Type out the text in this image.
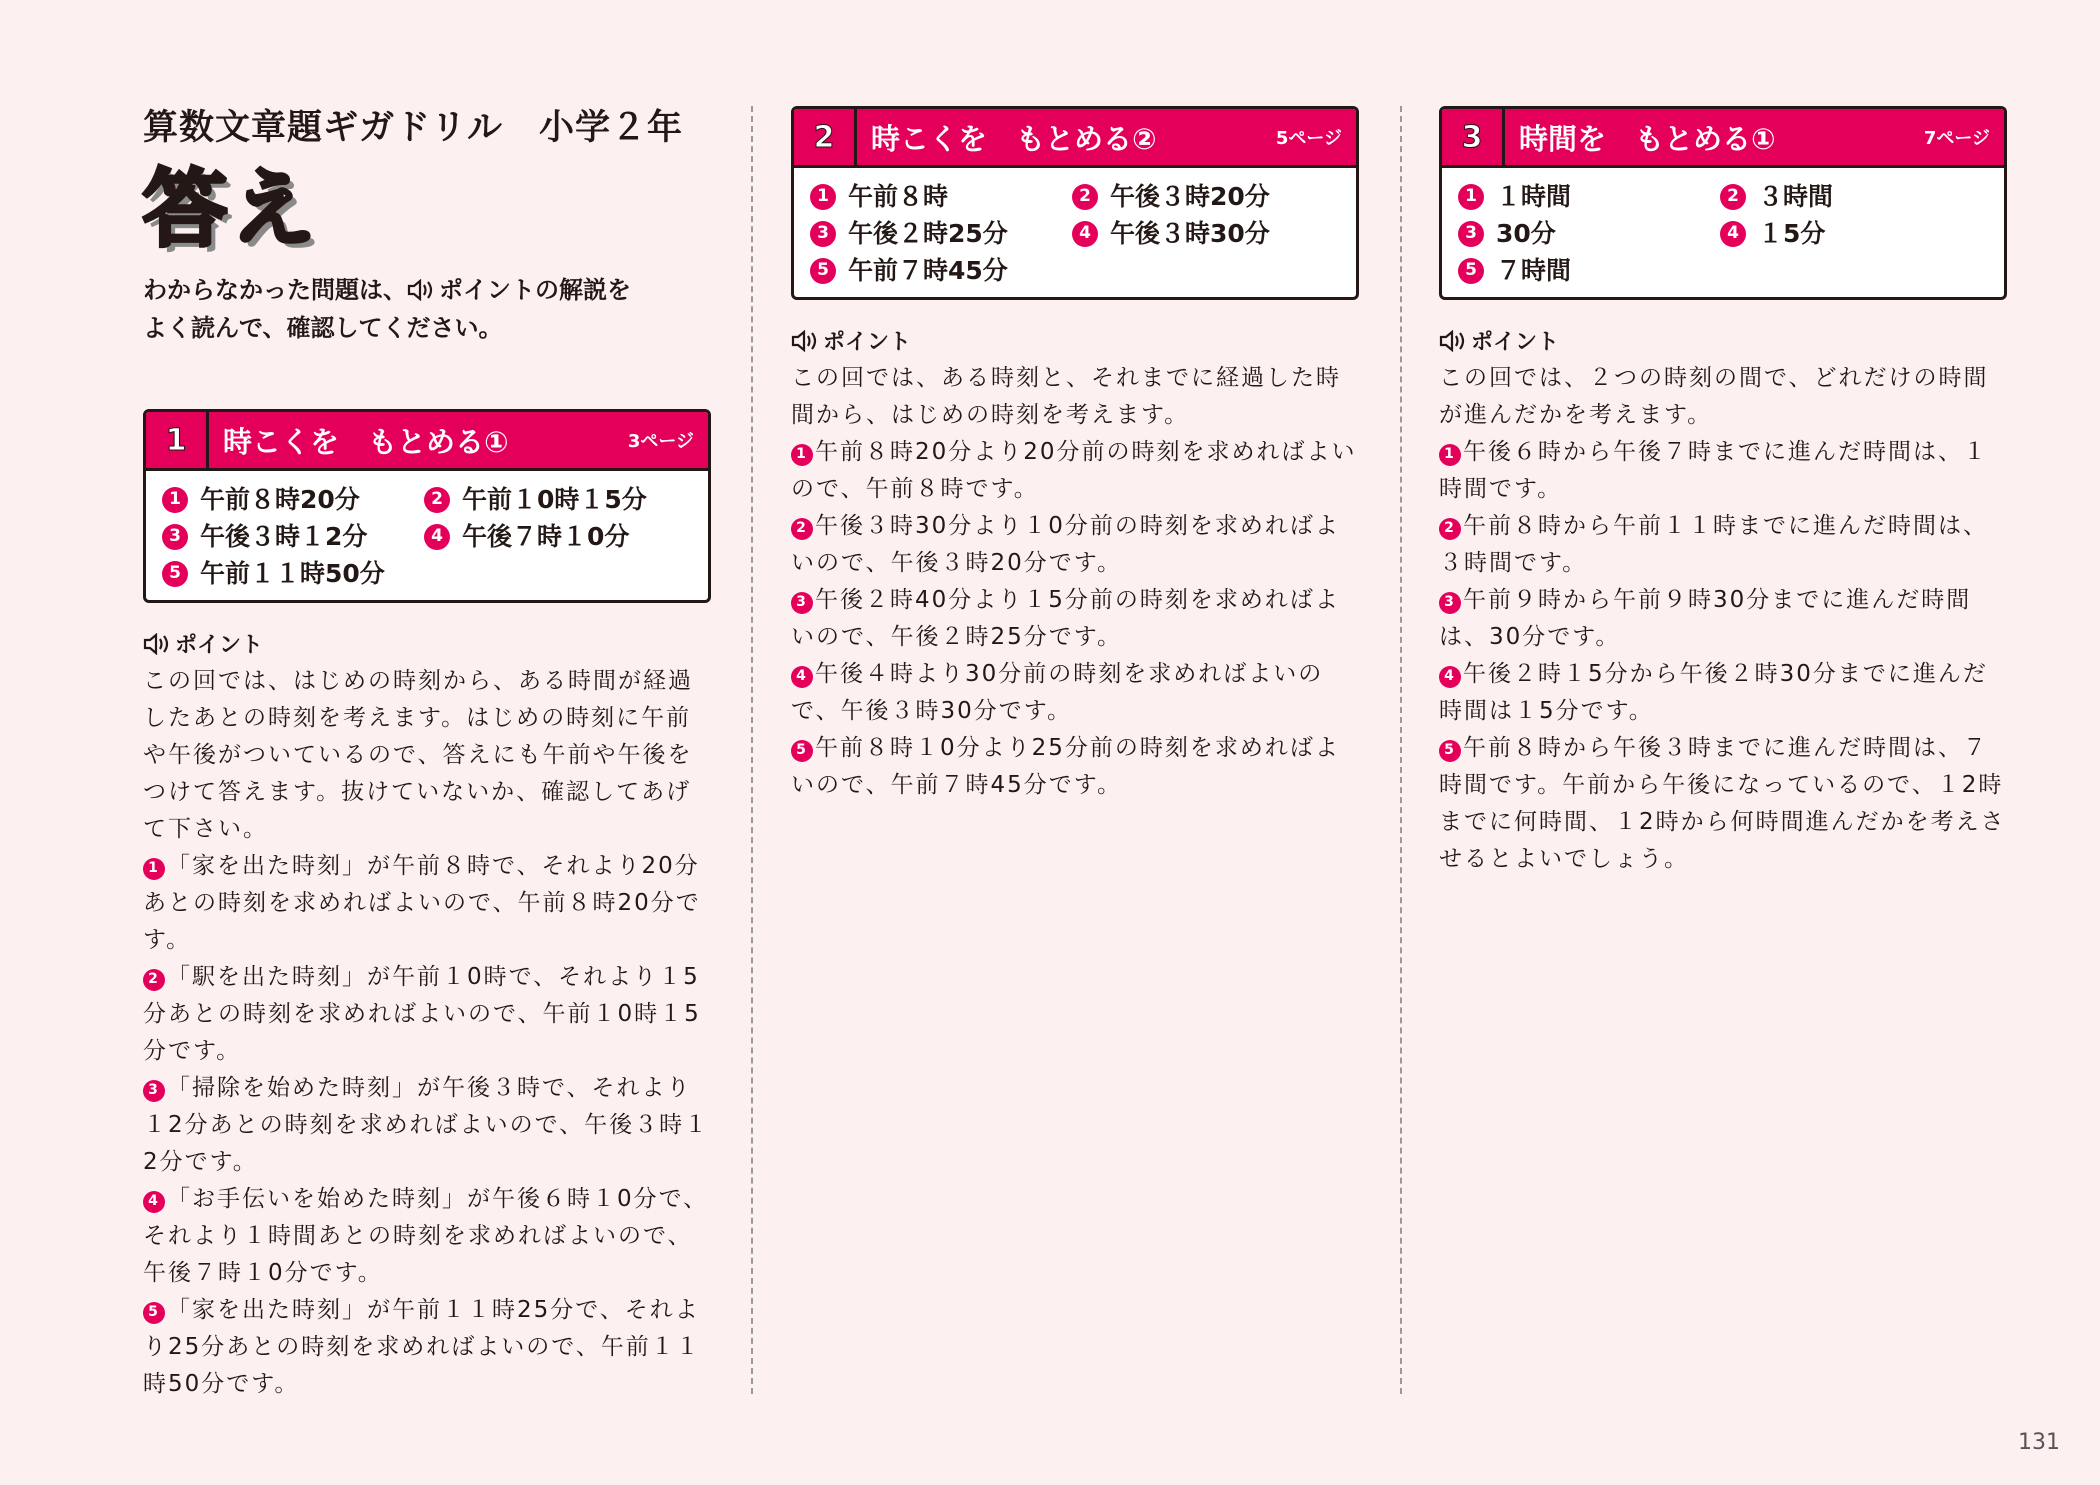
算数文章題ギガドリル　小学２年
答え
わからなかった問題は、 ポイントの解説を
よく読んで、確認してください。
1 時こくを　もとめる①	3ページ
1 午前８時20分	2 午前１0時１5分
3 午後３時１2分	4 午後７時１0分
5 午前１１時50分
ポイント

この回では、はじめの時刻から、ある時間が経過したあとの時刻を考えます。はじめの時刻に午前や午後がついているので、答えにも午前や午後をつけて答えます。抜けていないか、確認してあげて下さい。

1 「家を出た時刻」が午前８時で、それより20分あとの時刻を求めればよいので、午前８時20分です。

2 「駅を出た時刻」が午前１0時で、それより１5分あとの時刻を求めればよいので、午前１0時１5分です。

3 「掃除を始めた時刻」が午後３時で、それより１2分あとの時刻を求めればよいので、午後３時１2分です。

4 「お手伝いを始めた時刻」が午後６時１0分で、それより１時間あとの時刻を求めればよいので、午後７時１0分です。

5 「家を出た時刻」が午前１１時25分で、それより25分あとの時刻を求めればよいので、午前１１時50分です。

2 時こくを　もとめる②	5ページ
1 午前８時	2 午後３時20分
3 午後２時25分	4 午後３時30分
5 午前７時45分
ポイント

この回では、ある時刻と、それまでに経過した時間から、はじめの時刻を考えます。

1 午前８時20分より20分前の時刻を求めればよいので、午前８時です。

2 午後３時30分より１0分前の時刻を求めればよいので、午後３時20分です。

3 午後２時40分より１5分前の時刻を求めればよいので、午後２時25分です。

4 午後４時より30分前の時刻を求めればよいので、午後３時30分です。

5 午前８時１0分より25分前の時刻を求めればよいので、午前７時45分です。

3 時間を　もとめる①	7ページ
1 １時間	2 ３時間
3 30分	4 １5分
5 ７時間
ポイント

この回では、２つの時刻の間で、どれだけの時間が進んだかを考えます。

1 午後６時から午後７時までに進んだ時間は、１時間です。

2 午前８時から午前１１時までに進んだ時間は、３時間です。

3 午前９時から午前９時30分までに進んだ時間は、30分です。

4 午後２時１5分から午後２時30分までに進んだ時間は１5分です。

5 午前８時から午後３時までに進んだ時間は、７時間です。午前から午後になっているので、１2時までに何時間、１2時から何時間進んだかを考えさせるとよいでしょう。

131
